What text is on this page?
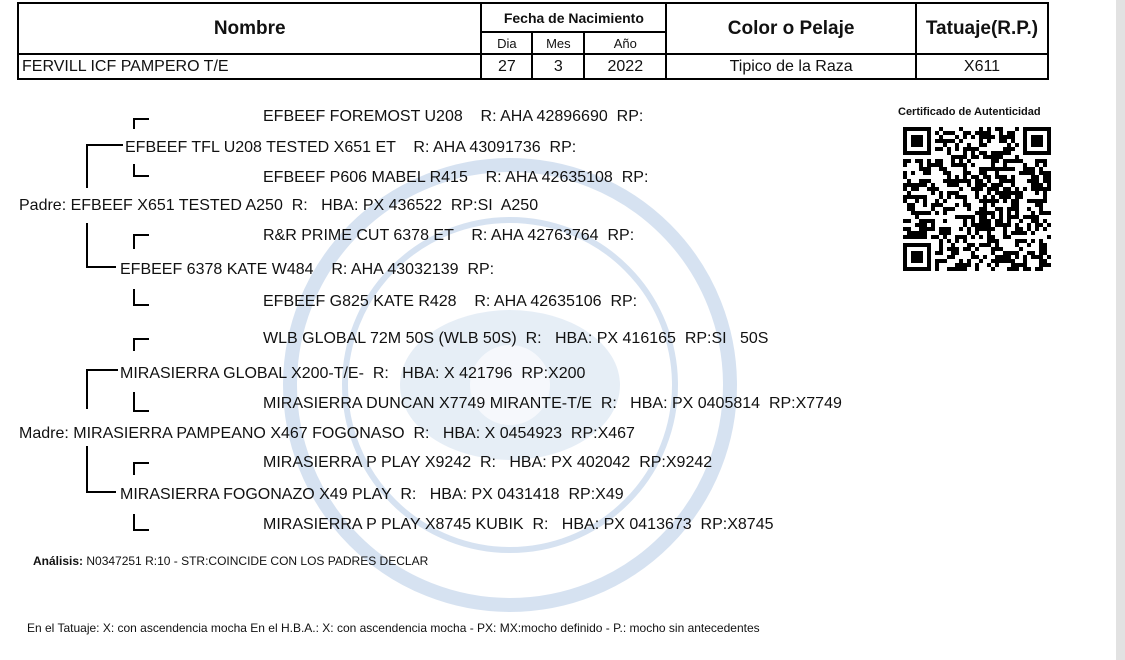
Nombre	Fecha de Nacimiento			Color o Pelaje	Tatuaje(R.P.)
	Dia	Mes	Año		
FERVILL ICF PAMPERO T/E	27	3	2022	Tipico de la Raza	X611
Certificado de Autenticidad
EFBEEF FOREMOST U208    R: AHA 42896690  RP:
EFBEEF TFL U208 TESTED X651 ET    R: AHA 43091736  RP:
EFBEEF P606 MABEL R415    R: AHA 42635108  RP:
Padre: EFBEEF X651 TESTED A250  R:   HBA: PX 436522  RP:SI  A250
R&R PRIME CUT 6378 ET    R: AHA 42763764  RP:
EFBEEF 6378 KATE W484    R: AHA 43032139  RP:
EFBEEF G825 KATE R428    R: AHA 42635106  RP:
WLB GLOBAL 72M 50S (WLB 50S)  R:   HBA: PX 416165  RP:SI   50S
MIRASIERRA GLOBAL X200-T/E-  R:   HBA: X 421796  RP:X200
MIRASIERRA DUNCAN X7749 MIRANTE-T/E  R:   HBA: PX 0405814  RP:X7749
Madre: MIRASIERRA PAMPEANO X467 FOGONASO  R:   HBA: X 0454923  RP:X467
MIRASIERRA P PLAY X9242  R:   HBA: PX 402042  RP:X9242
MIRASIERRA FOGONAZO X49 PLAY  R:   HBA: PX 0431418  RP:X49
MIRASIERRA P PLAY X8745 KUBIK  R:   HBA: PX 0413673  RP:X8745
Análisis: N0347251 R:10 - STR:COINCIDE CON LOS PADRES DECLAR
En el Tatuaje: X: con ascendencia mocha En el H.B.A.: X: con ascendencia mocha - PX: MX:mocho definido - P.: mocho sin antecedentes
